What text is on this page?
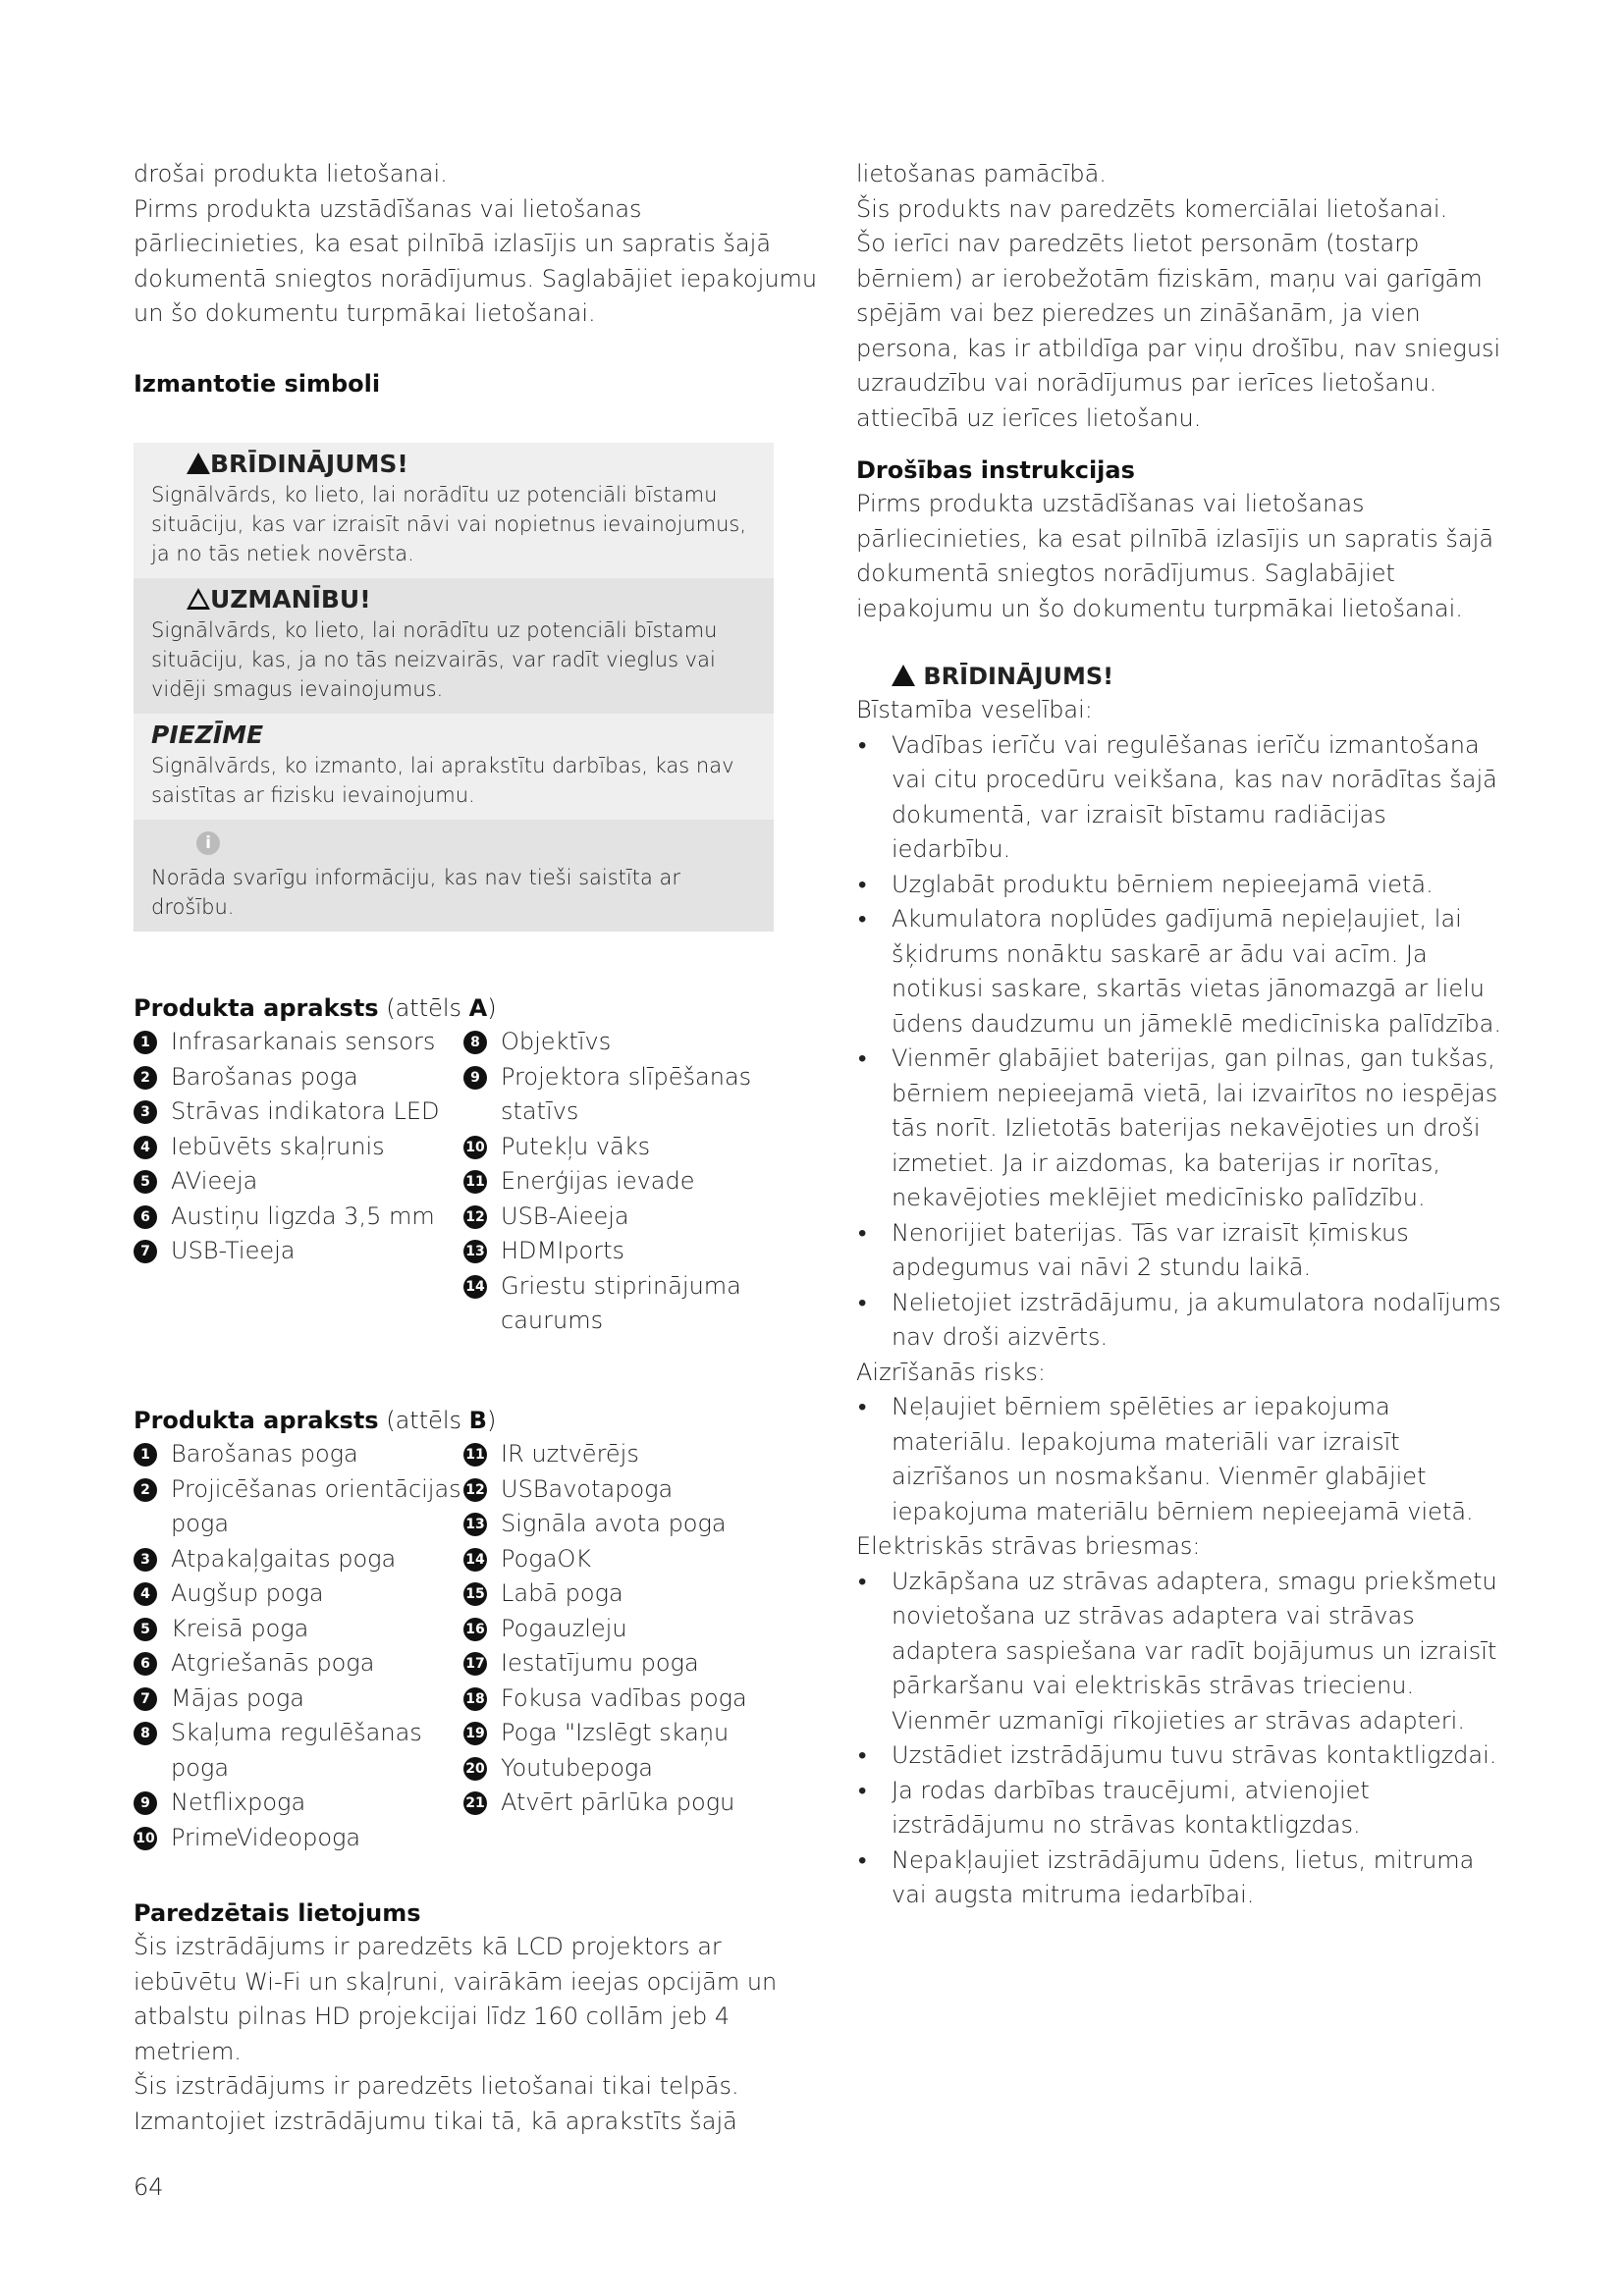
drošai produkta lietošanai.

Pirms produkta uzstādīšanas vai lietošanas pārliecinieties, ka esat pilnībā izlasījis un sapratis šajā dokumentā sniegtos norādījumus. Saglabājiet iepakojumu un šo dokumentu turpmākai lietošanai.

Izmantotie simboli

BRĪDINĀJUMS!
Signālvārds, ko lieto, lai norādītu uz potenciāli bīstamu situāciju, kas var izraisīt nāvi vai nopietnus ievainojumus, ja no tās netiek novērsta.
UZMANĪBU!
Signālvārds, ko lieto, lai norādītu uz potenciāli bīstamu situāciju, kas, ja no tās neizvairās, var radīt vieglus vai vidēji smagus ievainojumus.
PIEZĪME
Signālvārds, ko izmanto, lai aprakstītu darbības, kas nav saistītas ar fizisku ievainojumu.
i
Norāda svarīgu informāciju, kas nav tieši saistīta ar drošību.

Produkta apraksts (attēls A)

1 Infrasarkanais sensors
2 Barošanas poga
3 Strāvas indikatora LED
4 Iebūvēts skaļrunis
5 AVieeja
6 Austiņu ligzda 3,5 mm
7 USB-Tieeja
8 Objektīvs
9 Projektora slīpēšanas statīvs
10 Putekļu vāks
11 Enerģijas ievade
12 USB-Aieeja
13 HDMIports
14 Griestu stiprinājuma caurums

Produkta apraksts (attēls B)

1 Barošanas poga
2 Projicēšanas orientācijas poga
3 Atpakaļgaitas poga
4 Augšup poga
5 Kreisā poga
6 Atgriešanās poga
7 Mājas poga
8 Skaļuma regulēšanas poga
9 Netflixpoga
10 PrimeVideopoga
11 IR uztvērējs
12 USBavotapoga
13 Signāla avota poga
14 PogaOK
15 Labā poga
16 Pogauzleju
17 Iestatījumu poga
18 Fokusa vadības poga
19 Poga "Izslēgt skaņu
20 Youtubepoga
21 Atvērt pārlūka pogu

Paredzētais lietojums

Šis izstrādājums ir paredzēts kā LCD projektors ar iebūvētu Wi-Fi un skaļruni, vairākām ieejas opcijām un atbalstu pilnas HD projekcijai līdz 160 collām jeb 4 metriem.

Šis izstrādājums ir paredzēts lietošanai tikai telpās.

Izmantojiet izstrādājumu tikai tā, kā aprakstīts šajā

64

lietošanas pamācībā.

Šis produkts nav paredzēts komerciālai lietošanai.

Šo ierīci nav paredzēts lietot personām (tostarp bērniem) ar ierobežotām fiziskām, maņu vai garīgām spējām vai bez pieredzes un zināšanām, ja vien persona, kas ir atbildīga par viņu drošību, nav sniegusi uzraudzību vai norādījumus par ierīces lietošanu. attiecībā uz ierīces lietošanu.

Drošības instrukcijas

Pirms produkta uzstādīšanas vai lietošanas pārliecinieties, ka esat pilnībā izlasījis un sapratis šajā dokumentā sniegtos norādījumus. Saglabājiet iepakojumu un šo dokumentu turpmākai lietošanai.

BRĪDINĀJUMS!

Bīstamība veselībai:

• Vadības ierīču vai regulēšanas ierīču izmantošana vai citu procedūru veikšana, kas nav norādītas šajā dokumentā, var izraisīt bīstamu radiācijas iedarbību.
• Uzglabāt produktu bērniem nepieejamā vietā.
• Akumulatora noplūdes gadījumā nepieļaujiet, lai šķidrums nonāktu saskarē ar ādu vai acīm. Ja notikusi saskare, skartās vietas jānomazgā ar lielu ūdens daudzumu un jāmeklē medicīniska palīdzība.
• Vienmēr glabājiet baterijas, gan pilnas, gan tukšas, bērniem nepieejamā vietā, lai izvairītos no iespējas tās norīt. Izlietotās baterijas nekavējoties un droši izmetiet. Ja ir aizdomas, ka baterijas ir norītas, nekavējoties meklējiet medicīnisko palīdzību.
• Nenorijiet baterijas. Tās var izraisīt ķīmiskus apdegumus vai nāvi 2 stundu laikā.
• Nelietojiet izstrādājumu, ja akumulatora nodalījums nav droši aizvērts.

Aizrīšanās risks:

• Neļaujiet bērniem spēlēties ar iepakojuma materiālu. Iepakojuma materiāli var izraisīt aizrīšanos un nosmakšanu. Vienmēr glabājiet iepakojuma materiālu bērniem nepieejamā vietā.

Elektriskās strāvas briesmas:

• Uzkāpšana uz strāvas adaptera, smagu priekšmetu novietošana uz strāvas adaptera vai strāvas adaptera saspiešana var radīt bojājumus un izraisīt pārkaršanu vai elektriskās strāvas triecienu. Vienmēr uzmanīgi rīkojieties ar strāvas adapteri.
• Uzstādiet izstrādājumu tuvu strāvas kontaktligzdai.
• Ja rodas darbības traucējumi, atvienojiet izstrādājumu no strāvas kontaktligzdas.
• Nepakļaujiet izstrādājumu ūdens, lietus, mitruma vai augsta mitruma iedarbībai.
